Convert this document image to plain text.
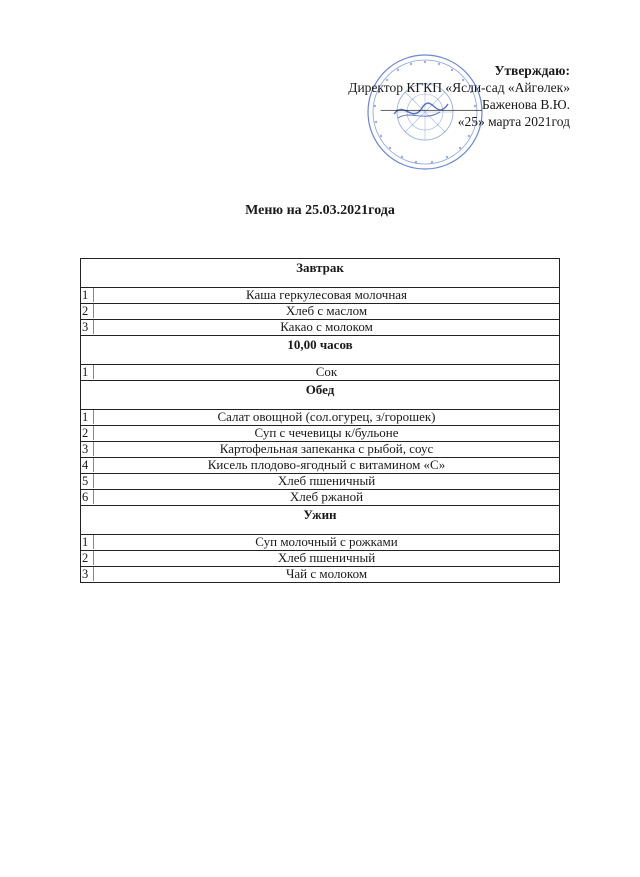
Утверждаю:
Директор КГКП «Ясли-сад «Айгөлек»
_______________Баженова В.Ю.
«25» марта 2021год
Меню на 25.03.2021года
Завтрак
1	Каша геркулесовая молочная
2	Хлеб с маслом
3	Какао с молоком
10,00 часов
1	Сок
Обед
1	Салат овощной (сол.огурец, з/горошек)
2	Суп с чечевицы к/бульоне
3	Картофельная запеканка с рыбой, соус
4	Кисель плодово-ягодный с витамином «С»
5	Хлеб пшеничный
6	Хлеб ржаной
Ужин
1	Суп молочный с рожками
2	Хлеб пшеничный
3	Чай с молоком
